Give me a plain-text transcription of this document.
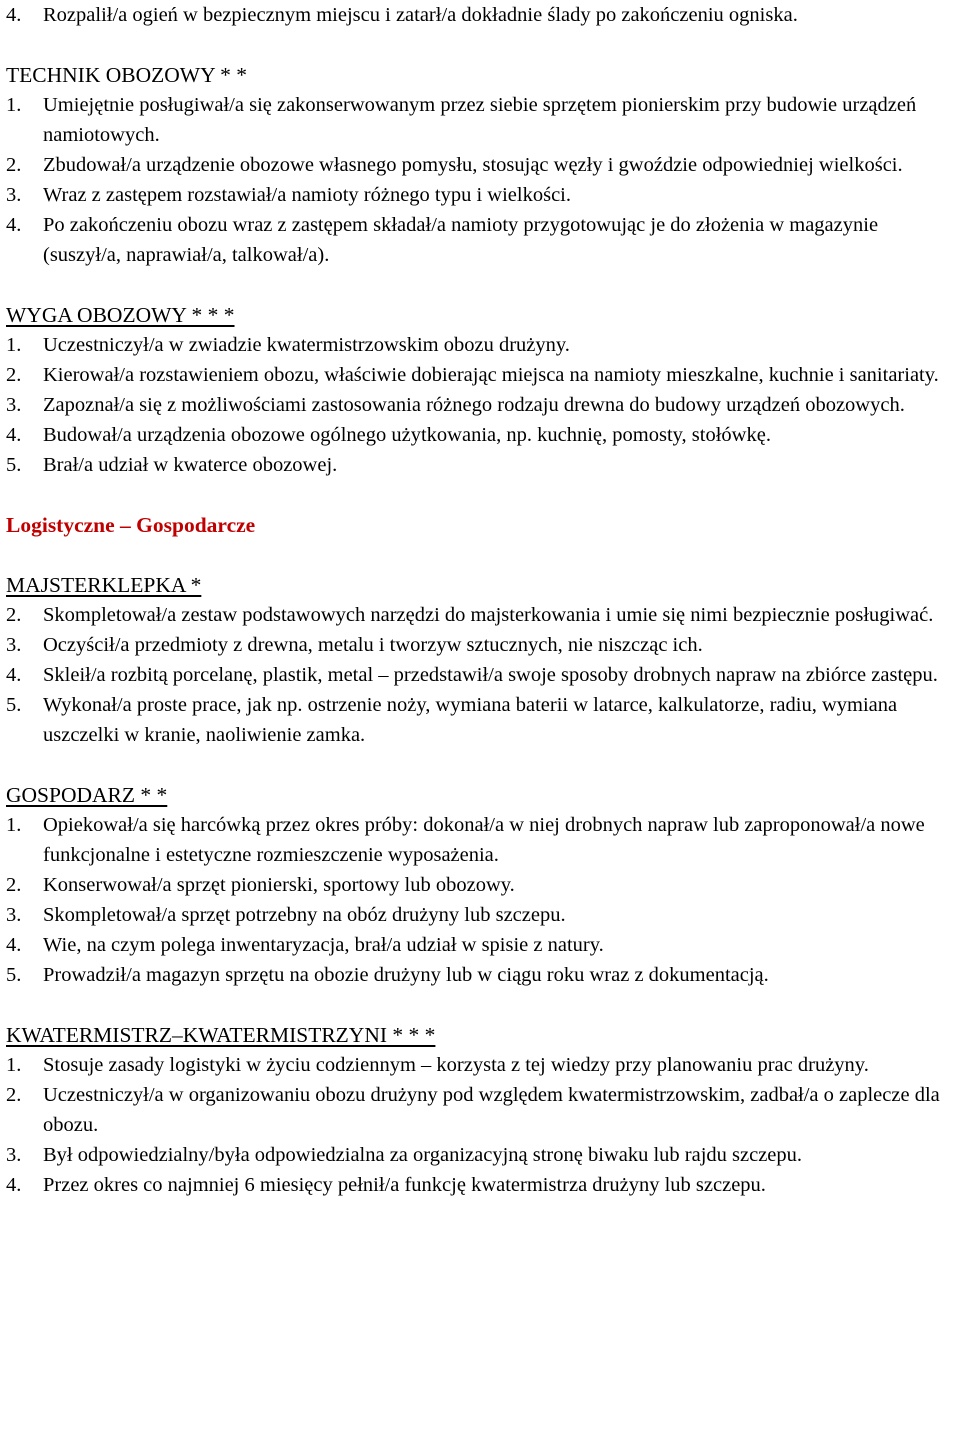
4.	Rozpalił/a ogień w bezpiecznym miejscu i zatarł/a dokładnie ślady po zakończeniu ogniska.
TECHNIK OBOZOWY * *
1.	Umiejętnie posługiwał/a się zakonserwowanym przez siebie sprzętem pionierskim przy budowie urządzeń namiotowych.
2.	Zbudował/a urządzenie obozowe własnego pomysłu, stosując węzły i gwoździe odpowiedniej wielkości.
3.	Wraz z zastępem rozstawiał/a namioty różnego typu i wielkości.
4.	Po zakończeniu obozu wraz z zastępem składał/a namioty przygotowując je do złożenia w magazynie (suszył/a, naprawiał/a, talkował/a).
WYGA OBOZOWY * * *
1.	Uczestniczył/a w zwiadzie kwatermistrzowskim obozu drużyny.
2.	Kierował/a rozstawieniem obozu, właściwie dobierając miejsca na namioty mieszkalne, kuchnie i sanitariaty.
3.	Zapoznał/a się z możliwościami zastosowania różnego rodzaju drewna do budowy urządzeń obozowych.
4.	Budował/a urządzenia obozowe ogólnego użytkowania, np. kuchnię, pomosty, stołówkę.
5.	Brał/a udział w kwaterce obozowej.
Logistyczne – Gospodarcze
MAJSTERKLEPKA *
2.	Skompletował/a zestaw podstawowych narzędzi do majsterkowania i umie się nimi bezpiecznie posługiwać.
3.	Oczyścił/a przedmioty z drewna, metalu i tworzyw sztucznych, nie niszcząc ich.
4.	Skleił/a rozbitą porcelanę, plastik, metal – przedstawił/a swoje sposoby drobnych napraw na zbiórce zastępu.
5.	Wykonał/a proste prace, jak np. ostrzenie noży, wymiana baterii w latarce, kalkulatorze, radiu, wymiana uszczelki w kranie, naoliwienie zamka.
GOSPODARZ * *
1.	Opiekował/a się harcówką przez okres próby: dokonał/a w niej drobnych napraw lub zaproponował/a nowe funkcjonalne i estetyczne rozmieszczenie wyposażenia.
2.	Konserwował/a sprzęt pionierski, sportowy lub obozowy.
3.	Skompletował/a sprzęt potrzebny na obóz drużyny lub szczepu.
4.	Wie, na czym polega inwentaryzacja, brał/a udział w spisie z natury.
5.	Prowadził/a magazyn sprzętu na obozie drużyny lub w ciągu roku wraz z dokumentacją.
KWATERMISTRZ–KWATERMISTRZYNI * * *
1.	Stosuje zasady logistyki w życiu codziennym – korzysta z tej wiedzy przy planowaniu prac drużyny.
2.	Uczestniczył/a w organizowaniu obozu drużyny pod względem kwatermistrzowskim, zadbał/a o zaplecze dla obozu.
3.	Był odpowiedzialny/była odpowiedzialna za organizacyjną stronę biwaku lub rajdu szczepu.
4.	Przez okres co najmniej 6 miesięcy pełnił/a funkcję kwatermistrza drużyny lub szczepu.
